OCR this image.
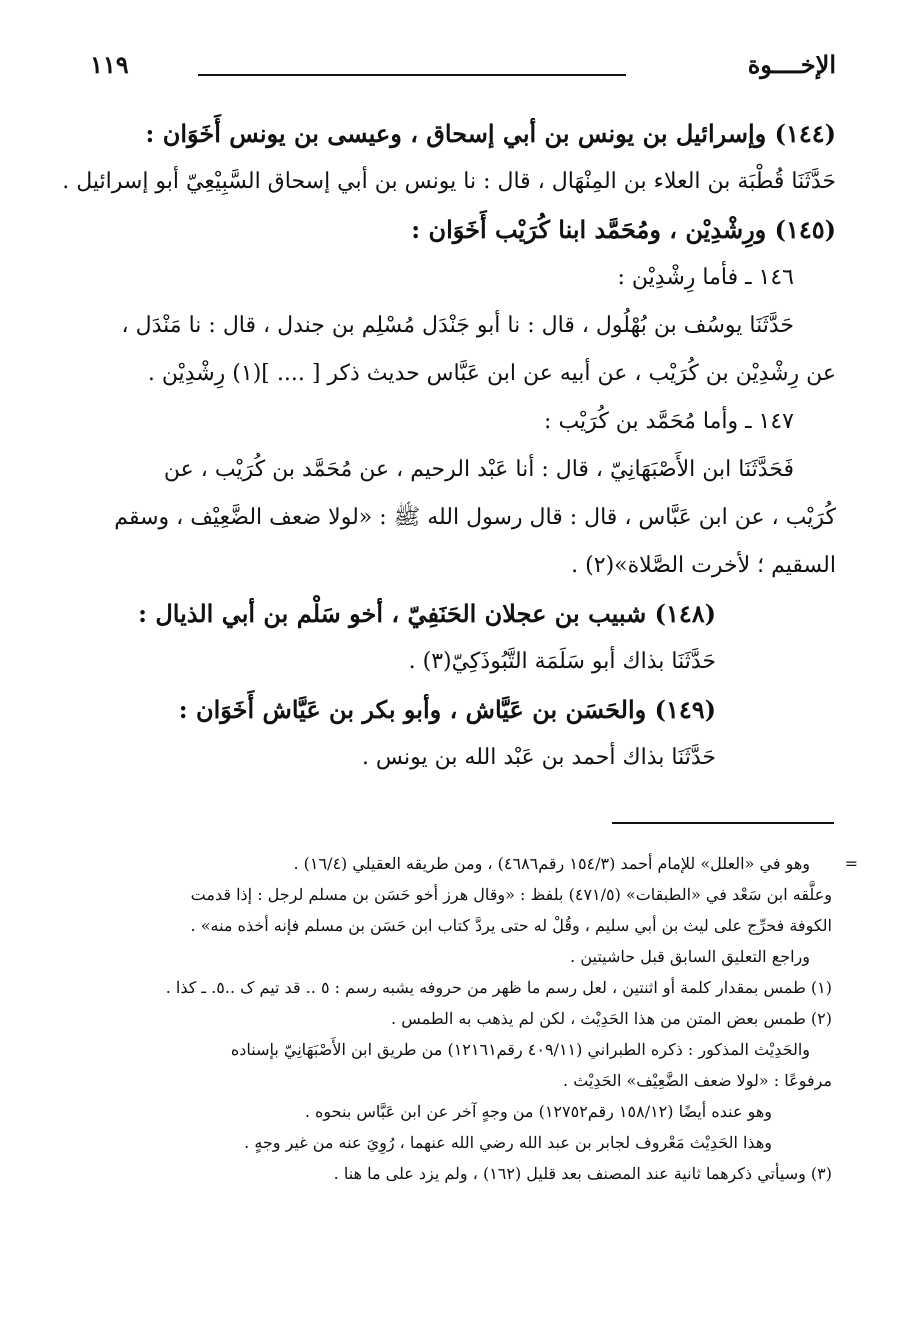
الإخــــوة
١١٩
(١٤٤) وإسرائيل بن يونس بن أبي إسحاق ، وعيسى بن يونس أَخَوَان :
حَدَّثَنَا قُطْبَة بن العلاء بن المِنْهَال ، قال : نا يونس بن أبي إسحاق السَّبِيْعِيّ أبو إسرائيل .
(١٤٥) ورِشْدِيْن ، ومُحَمَّد ابنا كُرَيْب أَخَوَان :
١٤٦ ـ فأما رِشْدِيْن :
حَدَّثَنَا يوسُف بن بُهْلُول ، قال : نا أبو جَنْدَل مُسْلِم بن جندل ، قال : نا مَنْدَل ،
عن رِشْدِيْن بن كُرَيْب ، عن أبيه عن ابن عَبَّاس حديث ذكر [ .... ](١) رِشْدِيْن .
١٤٧ ـ وأما مُحَمَّد بن كُرَيْب :
فَحَدَّثَنَا ابن الأَصْبَهَانِيّ ، قال : أنا عَبْد الرحيم ، عن مُحَمَّد بن كُرَيْب ، عن
كُرَيْب ، عن ابن عَبَّاس ، قال : قال رسول الله ﷺ : «لولا ضعف الضَّعِيْف ، وسقم
السقيم ؛ لأخرت الصَّلاة»(٢) .
(١٤٨) شبيب بن عجلان الحَنَفِيّ ، أخو سَلْم بن أبي الذيال :
حَدَّثَنَا بذاك أبو سَلَمَة التَّبُوذَكِيّ(٣) .
(١٤٩) والحَسَن بن عَيَّاش ، وأبو بكر بن عَيَّاش أَخَوَان :
حَدَّثَنَا بذاك أحمد بن عَبْد الله بن يونس .
=
وهو في «العلل» للإمام أحمد (١٥٤/٣ رقم٤٦٨٦) ، ومن طريقه العقيلي (١٦/٤) .
وعلَّقه ابن سَعْد في «الطبقات» (٤٧١/٥) بلفظ : «وقال هرز أخو حَسَن بن مسلم لرجل : إذا قدمت
الكوفة فحرِّج على ليث بن أبي سليم ، وقُلْ له حتى يردَّ كتاب ابن حَسَن بن مسلم فإنه أخذه منه» .
وراجع التعليق السابق قبل حاشيتين .
(١) طمس بمقدار كلمة أو اثنتين ، لعل رسم ما ظهر من حروفه يشبه رسم : ٥ .. قد تيم ک ..٥. ـ كذا .
(٢) طمس بعض المتن من هذا الحَدِيْث ، لكن لم يذهب به الطمس .
والحَدِيْث المذكور : ذكره الطبراني (٤٠٩/١١ رقم١٢١٦١) من طريق ابن الأَصْبَهَانِيّ بإسناده
مرفوعًا : «لولا ضعف الضَّعِيْف» الحَدِيْث .
وهو عنده أيضًا (١٥٨/١٢ رقم١٢٧٥٢) من وجهٍ آخر عن ابن عَبَّاس بنحوه .
وهذا الحَدِيْث مَعْروف لجابر بن عبد الله رضي الله عنهما ، رُوِيَ عنه من غير وجهٍ .
(٣) وسيأتي ذكرهما ثانية عند المصنف بعد قليل (١٦٢) ، ولم يزد على ما هنا .
